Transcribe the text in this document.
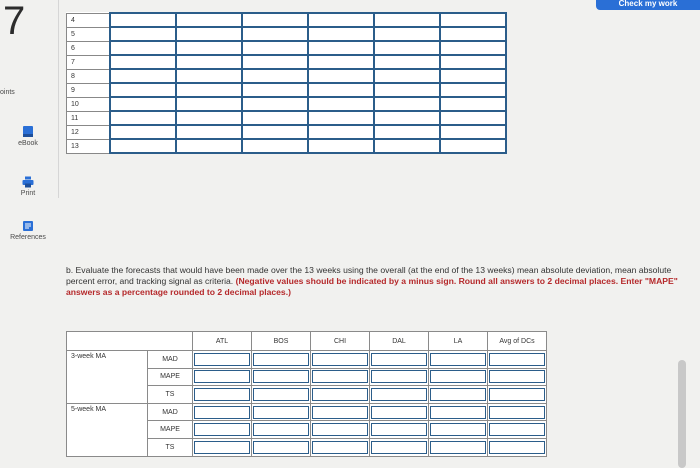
7	Check my work
oints
eBook
Print
References
4						
5						
6						
7						
8						
9						
10						
11						
12						
13						
b. Evaluate the forecasts that would have been made over the 13 weeks using the overall (at the end of the 13 weeks) mean absolute deviation, mean absolute percent error, and tracking signal as criteria. (Negative values should be indicated by a minus sign. Round all answers to 2 decimal places. Enter "MAPE" answers as a percentage rounded to 2 decimal places.)
		ATL	BOS	CHI	DAL	LA	Avg of DCs
3-week MA	MAD	

	MAPE	

	TS	

5-week MA	MAD	

	MAPE	

	TS	
